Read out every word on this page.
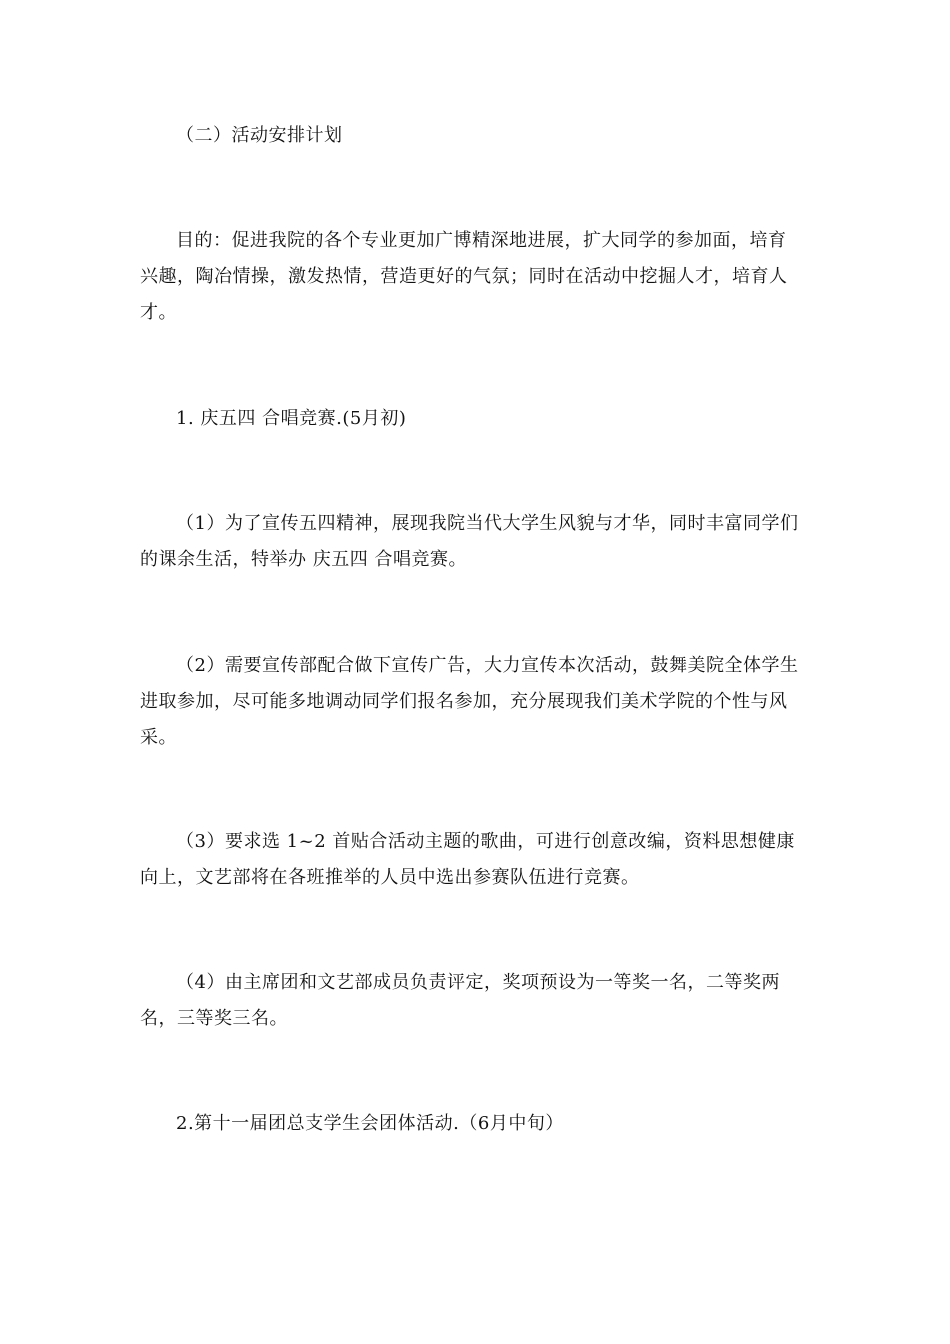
（二）活动安排计划

目的：促进我院的各个专业更加广博精深地进展，扩大同学的参加面，培育兴趣，陶冶情操，激发热情，营造更好的气氛；同时在活动中挖掘人才，培育人才。

1. 庆五四 合唱竞赛.(5月初)

（1）为了宣传五四精神，展现我院当代大学生风貌与才华，同时丰富同学们的课余生活，特举办 庆五四 合唱竞赛。

（2）需要宣传部配合做下宣传广告，大力宣传本次活动，鼓舞美院全体学生进取参加，尽可能多地调动同学们报名参加，充分展现我们美术学院的个性与风采。

（3）要求选 1~2 首贴合活动主题的歌曲，可进行创意改编，资料思想健康向上，文艺部将在各班推举的人员中选出参赛队伍进行竞赛。

（4）由主席团和文艺部成员负责评定，奖项预设为一等奖一名，二等奖两名，三等奖三名。

2.第十一届团总支学生会团体活动.（6月中旬）
